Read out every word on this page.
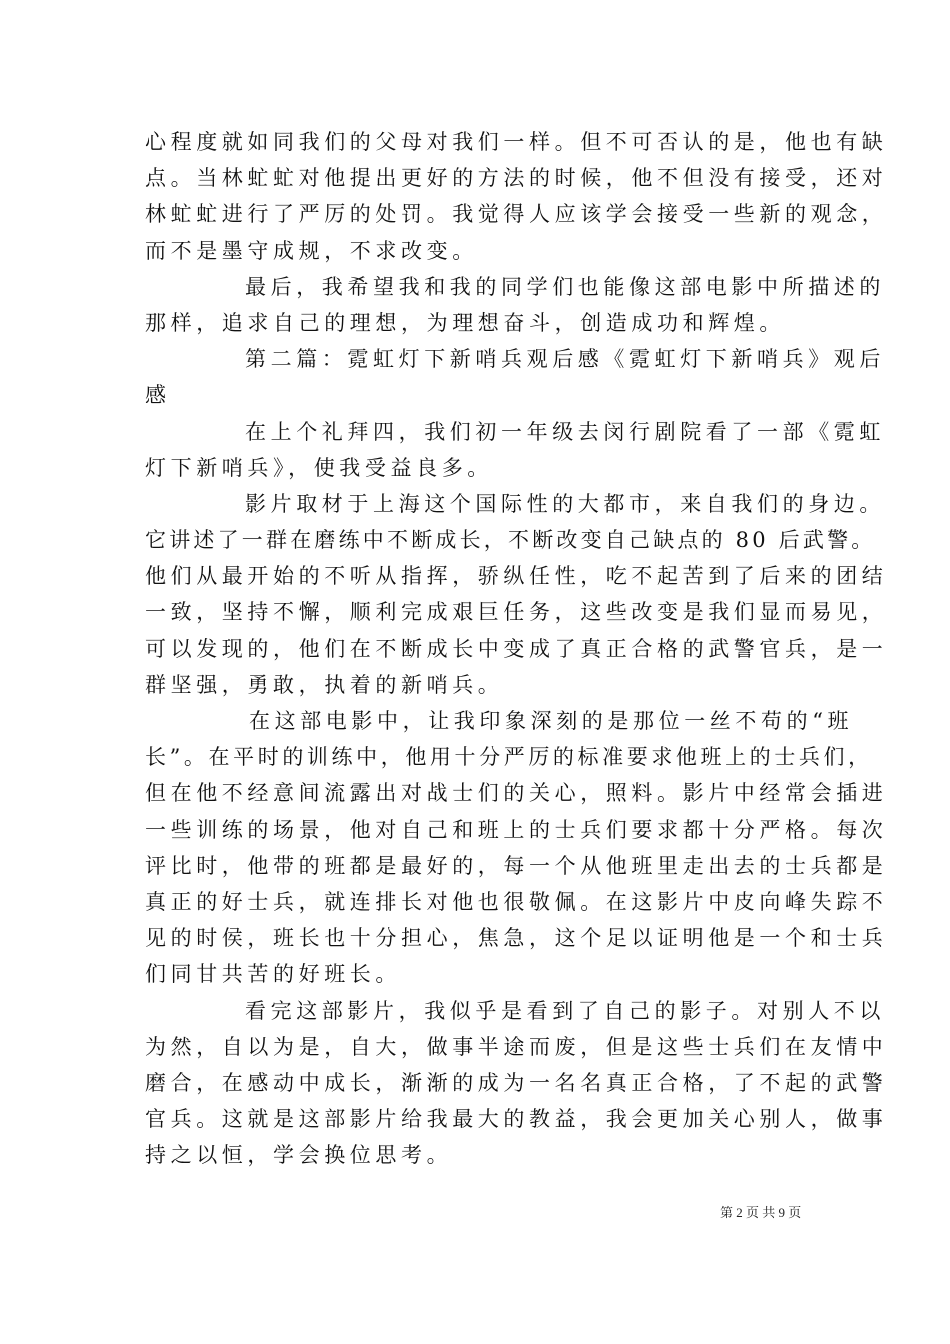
心程度就如同我们的父母对我们一样。但不可否认的是，他也有缺
点。当林虻虻对他提出更好的方法的时候，他不但没有接受，还对
林虻虻进行了严厉的处罚。我觉得人应该学会接受一些新的观念，
而不是墨守成规，不求改变。
最后，我希望我和我的同学们也能像这部电影中所描述的
那样，追求自己的理想，为理想奋斗，创造成功和辉煌。
第二篇：霓虹灯下新哨兵观后感《霓虹灯下新哨兵》观后
感
在上个礼拜四，我们初一年级去闵行剧院看了一部《霓虹
灯下新哨兵》，使我受益良多。
影片取材于上海这个国际性的大都市，来自我们的身边。
它讲述了一群在磨练中不断成长，不断改变自己缺点的 80 后武警。
他们从最开始的不听从指挥，骄纵任性，吃不起苦到了后来的团结
一致，坚持不懈，顺利完成艰巨任务，这些改变是我们显而易见，
可以发现的，他们在不断成长中变成了真正合格的武警官兵，是一
群坚强，勇敢，执着的新哨兵。
在这部电影中，让我印象深刻的是那位一丝不苟的“班
长”。在平时的训练中，他用十分严厉的标准要求他班上的士兵们，
但在他不经意间流露出对战士们的关心，照料。影片中经常会插进
一些训练的场景，他对自己和班上的士兵们要求都十分严格。每次
评比时，他带的班都是最好的，每一个从他班里走出去的士兵都是
真正的好士兵，就连排长对他也很敬佩。在这影片中皮向峰失踪不
见的时侯，班长也十分担心，焦急，这个足以证明他是一个和士兵
们同甘共苦的好班长。
看完这部影片，我似乎是看到了自己的影子。对别人不以
为然，自以为是，自大，做事半途而废，但是这些士兵们在友情中
磨合，在感动中成长，渐渐的成为一名名真正合格，了不起的武警
官兵。这就是这部影片给我最大的教益，我会更加关心别人，做事
持之以恒，学会换位思考。
第 2 页 共 9 页
